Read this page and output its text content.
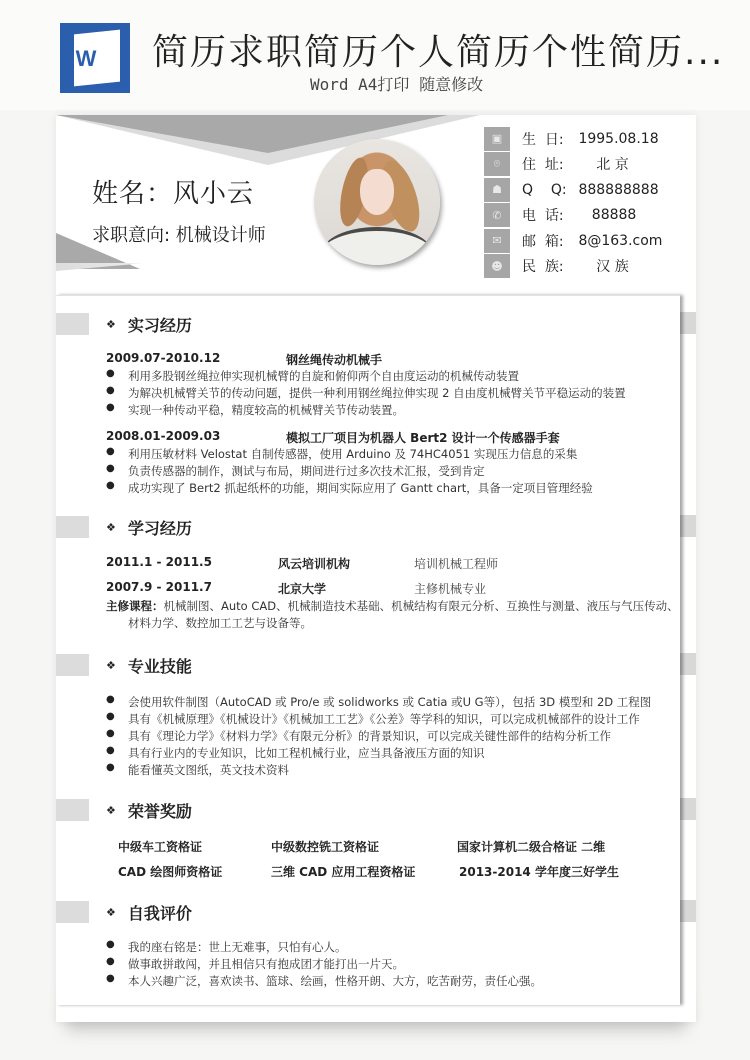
W 简历求职简历个人简历个性简历...
Word A4打印 随意修改
姓名：风小云
求职意向: 机械设计师
▣	生  日: 1995.08.18
⌾	住  址: 北 京
☗	Q    Q: 888888888
✆	电  话: 88888
✉	邮  箱: 8@163.com
☻	民  族: 汉 族
❖ 实习经历
2009.07-2010.12	钢丝绳传动机械手
●	利用多股钢丝绳拉伸实现机械臂的自旋和俯仰两个自由度运动的机械传动装置
●	为解决机械臂关节的传动问题，提供一种利用钢丝绳拉伸实现 2 自由度机械臂关节平稳运动的装置
●	实现一种传动平稳，精度较高的机械臂关节传动装置。
2008.01-2009.03	模拟工厂项目为机器人 Bert2 设计一个传感器手套
●	利用压敏材料 Velostat 自制传感器，使用 Arduino 及 74HC4051 实现压力信息的采集
●	负责传感器的制作，测试与布局，期间进行过多次技术汇报，受到肯定
●	成功实现了 Bert2 抓起纸杯的功能，期间实际应用了 Gantt chart，具备一定项目管理经验
❖ 学习经历
2011.1 - 2011.5	风云培训机构	培训机械工程师
2007.9 - 2011.7	北京大学	主修机械专业
主修课程：机械制图、Auto CAD、机械制造技术基础、机械结构有限元分析、互换性与测量、液压与气压传动、
材料力学、数控加工工艺与设备等。
❖ 专业技能
●	会使用软件制图（AutoCAD 或 Pro/e 或 solidworks 或 Catia 或U G等），包括 3D 模型和 2D 工程图
●	具有《机械原理》《机械设计》《机械加工工艺》《公差》等学科的知识，可以完成机械部件的设计工作
●	具有《理论力学》《材料力学》《有限元分析》的背景知识，可以完成关键性部件的结构分析工作
●	具有行业内的专业知识，比如工程机械行业，应当具备液压方面的知识
●	能看懂英文图纸，英文技术资料
❖ 荣誉奖励
中级车工资格证	中级数控铣工资格证	国家计算机二级合格证 二维
CAD 绘图师资格证	三维 CAD 应用工程资格证	2013-2014 学年度三好学生
❖ 自我评价
●	我的座右铭是：世上无难事，只怕有心人。
●	做事敢拼敢闯，并且相信只有抱成团才能打出一片天。
●	本人兴趣广泛，喜欢读书、篮球、绘画，性格开朗、大方，吃苦耐劳，责任心强。
